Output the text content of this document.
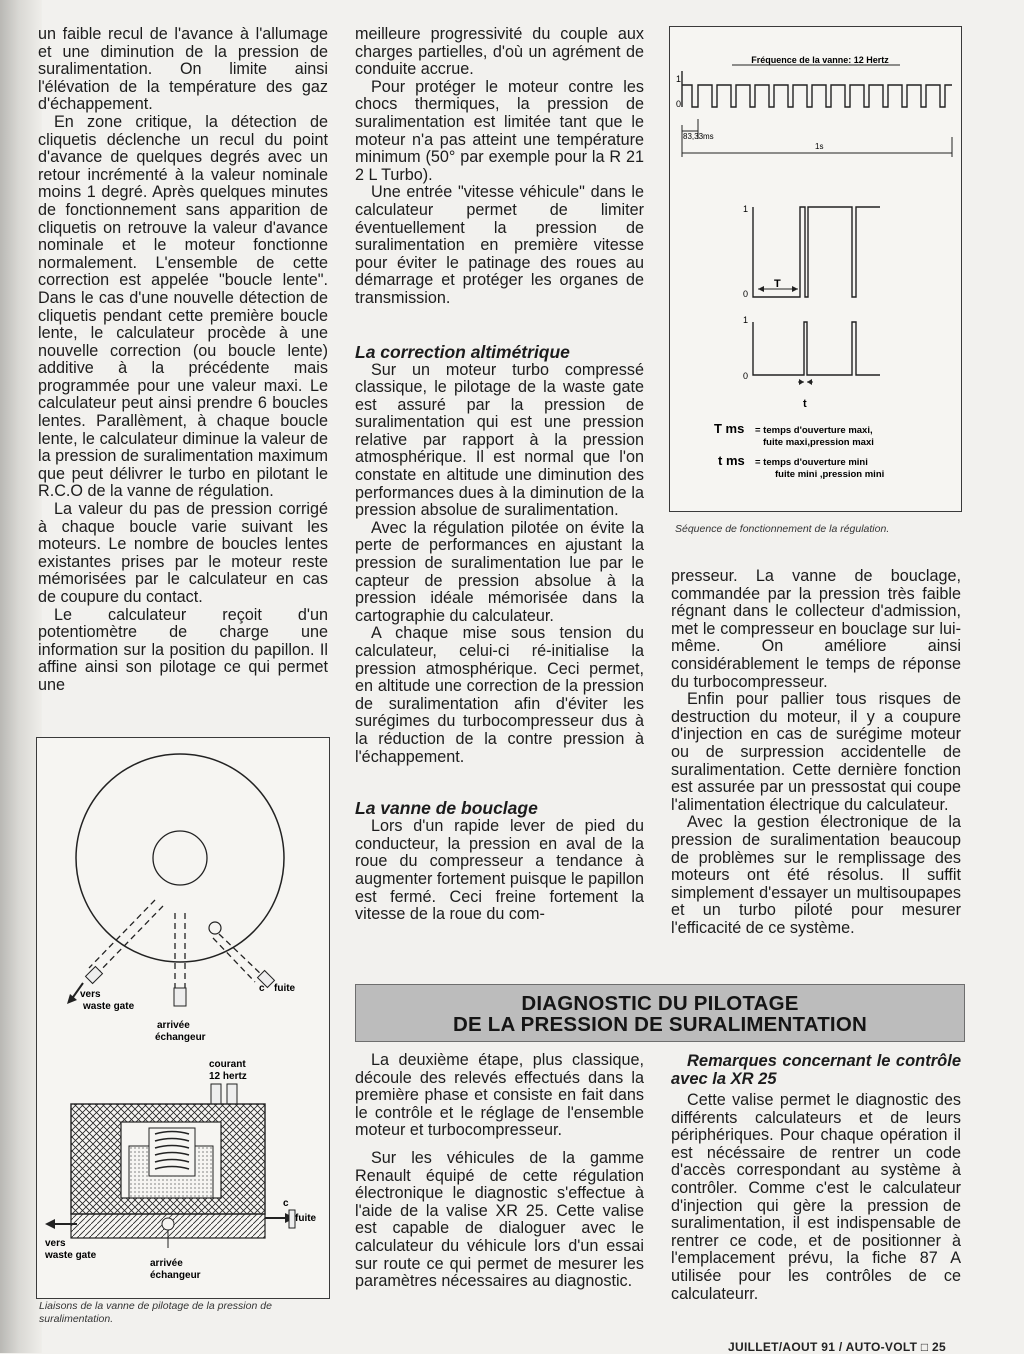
un faible recul de l'avance à l'allumage et une diminution de la pression de suralimentation. On limite ainsi l'élévation de la température des gaz d'échappement.

En zone critique, la détection de cliquetis déclenche un recul du point d'avance de quelques degrés avec un retour incrémenté à la valeur nominale moins 1 degré. Après quelques minutes de fonctionnement sans apparition de cliquetis on retrouve la valeur d'avance nominale et le moteur fonctionne normalement. L'ensemble de cette correction est appelée "boucle lente". Dans le cas d'une nouvelle détection de cliquetis pendant cette première boucle lente, le calculateur procède à une nouvelle correction (ou boucle lente) additive à la précédente mais programmée pour une valeur maxi. Le calculateur peut ainsi prendre 6 boucles lentes. Parallèment, à chaque boucle lente, le calculateur diminue la valeur de la pression de suralimentation maximum que peut délivrer le turbo en pilotant le R.C.O de la vanne de régulation.

La valeur du pas de pression corrigé à chaque boucle varie suivant les moteurs. Le nombre de boucles lentes existantes prises par le moteur reste mémorisées par le calculateur en cas de coupure du contact.

Le calculateur reçoit d'un potentiomètre de charge une information sur la position du papillon. Il affine ainsi son pilotage ce qui permet une

meilleure progressivité du couple aux charges partielles, d'où un agrément de conduite accrue.

Pour protéger le moteur contre les chocs thermiques, la pression de suralimentation est limitée tant que le moteur n'a pas atteint une température minimum (50° par exemple pour la R 21 2 L Turbo).

Une entrée "vitesse véhicule" dans le calculateur permet de limiter éventuellement la pression de suralimentation en première vitesse pour éviter le patinage des roues au démarrage et protéger les organes de transmission.

La correction altimétrique

Sur un moteur turbo compressé classique, le pilotage de la waste gate est assuré par la pression de suralimentation qui est une pression relative par rapport à la pression atmosphérique. Il est normal que l'on constate en altitude une diminution des performances dues à la diminution de la pression absolue de suralimentation.

Avec la régulation pilotée on évite la perte de performances en ajustant la pression de suralimentation lue par le capteur de pression absolue à la pression idéale mémorisée dans la cartographie du calculateur.

A chaque mise sous tension du calculateur, celui-ci ré-initialise la pression atmosphérique. Ceci permet, en altitude une correction de la pression de suralimentation afin d'éviter les surégimes du turbocompresseur dus à la réduction de la contre pression à l'échappement.

La vanne de bouclage

Lors d'un rapide lever de pied du conducteur, la pression en aval de la roue du compresseur a tendance à augmenter fortement puisque le papillon est fermé. Ceci freine fortement la vitesse de la roue du com-

presseur. La vanne de bouclage, commandée par la pression très faible régnant dans le collecteur d'admission, met le compresseur en bouclage sur lui-même. On améliore ainsi considérablement le temps de réponse du turbocompresseur.

Enfin pour pallier tous risques de destruction du moteur, il y a coupure d'injection en cas de surégime moteur ou de surpression accidentelle de suralimentation. Cette dernière fonction est assurée par un pressostat qui coupe l'alimentation électrique du calculateur.

Avec la gestion électronique de la pression de suralimentation beaucoup de problèmes sur le remplissage des moteurs ont été résolus. Il suffit simplement d'essayer un multisoupapes et un turbo piloté pour mesurer l'efficacité de ce système.

Fréquence de la vanne: 12 Hertz
1
0
83,33ms
1s
1
0
T
1
0
t
T ms = temps d'ouverture maxi,
fuite maxi,pression maxi
t ms = temps d'ouverture mini
fuite mini ,pression mini
Séquence de fonctionnement de la régulation.
vers
waste gate
c fuite
arrivée
échangeur
courant
12 hertz
c
fuite
vers
waste gate
arrivée
échangeur
Liaisons de la vanne de pilotage de la pression de suralimentation.
DIAGNOSTIC DU PILOTAGE
DE LA PRESSION DE SURALIMENTATION

La deuxième étape, plus classique, découle des relevés effectués dans la première phase et consiste en fait dans le contrôle et le réglage de l'ensemble moteur et turbocompresseur.

Sur les véhicules de la gamme Renault équipé de cette régulation électronique le diagnostic s'effectue à l'aide de la valise XR 25. Cette valise est capable de dialoguer avec le calculateur du véhicule lors d'un essai sur route ce qui permet de mesurer les paramètres nécessaires au diagnostic.

Remarques concernant le contrôle avec la XR 25

Cette valise permet le diagnostic des différents calculateurs et de leurs périphériques. Pour chaque opération il est nécéssaire de rentrer un code d'accès correspondant au système à contrôler. Comme c'est le calculateur d'injection qui gère la pression de suralimentation, il est indispensable de rentrer ce code, et de positionner à l'emplacement prévu, la fiche 87 A utilisée pour les contrôles de ce calculateurr.

JUILLET/AOUT 91 / AUTO-VOLT □ 25
